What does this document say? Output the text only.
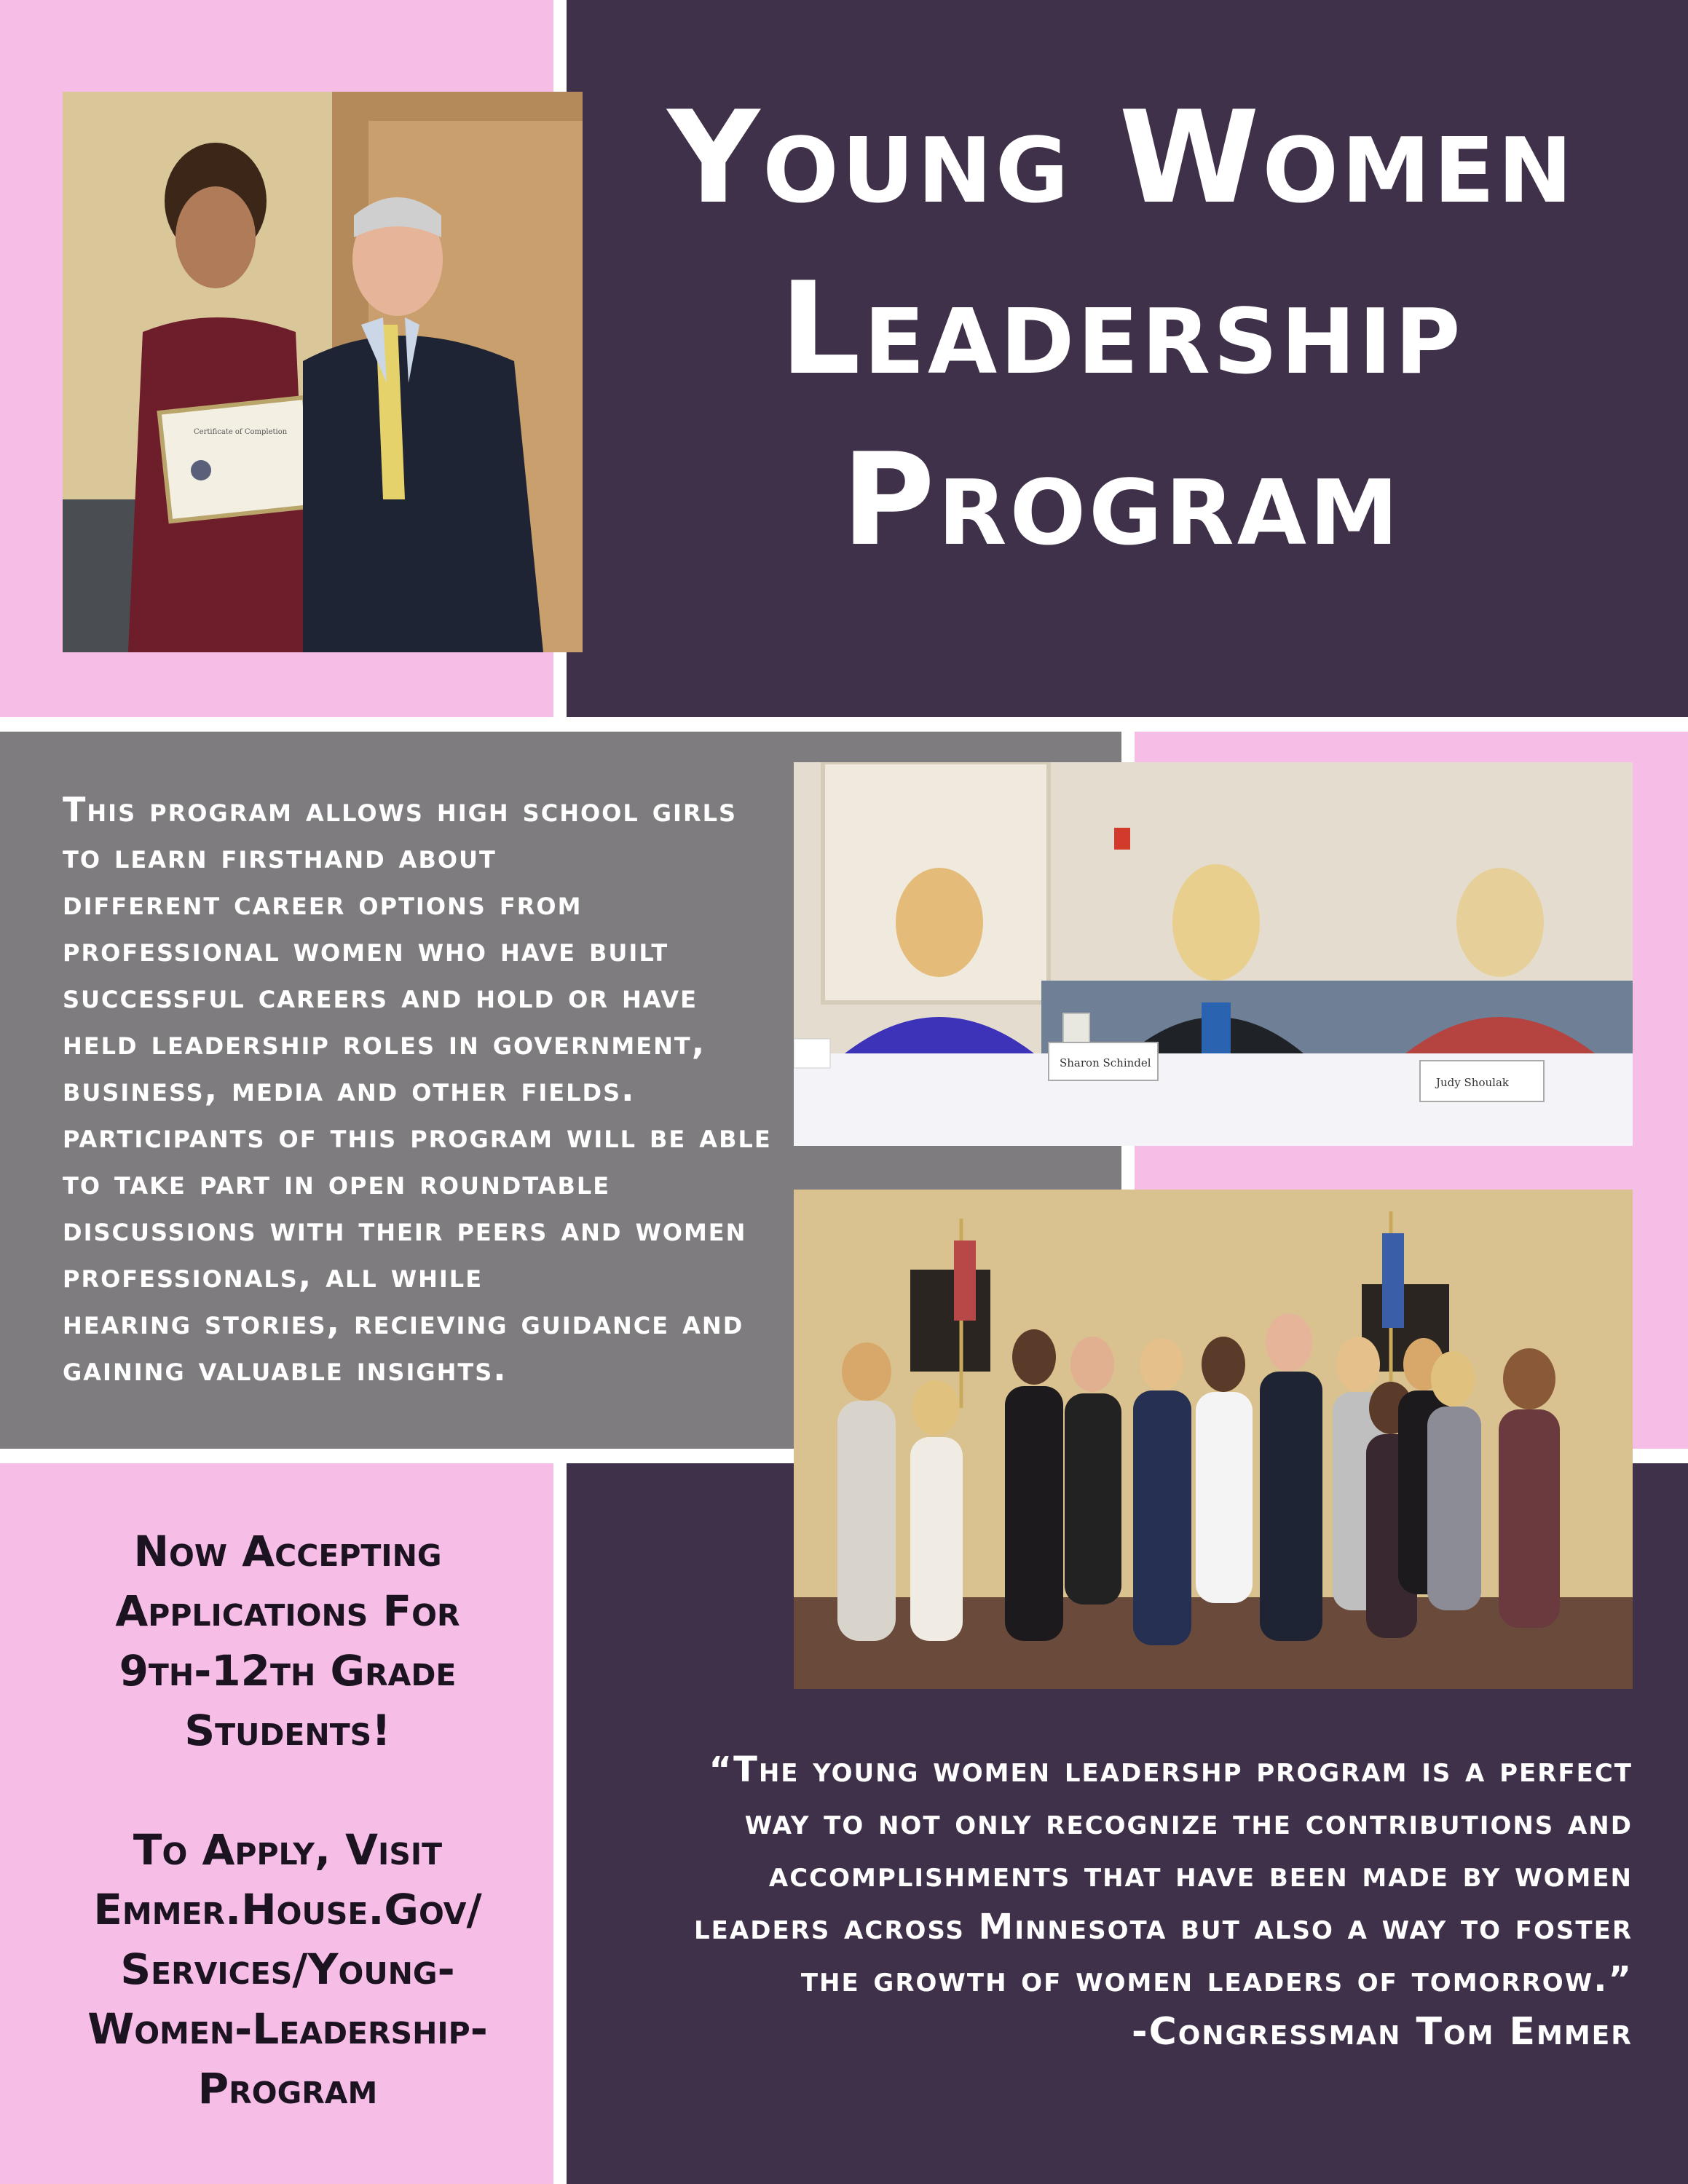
Certificate of Completion
Young Women
Leadership
Program
This program allows high school girls
to learn firsthand about
different career options from
professional women who have built
successful careers and hold or have
held leadership roles in government,
business, media and other fields.
participants of this program will be able
to take part in open roundtable
discussions with their peers and women
professionals, all while
hearing stories, recieving guidance and
gaining valuable insights.
Sharon Schindel
Judy Shoulak
Now Accepting
Applications For
9th-12th Grade
Students!
To Apply, Visit
Emmer.House.Gov/
Services/Young-
Women-Leadership-
Program
“The young women leadershp program is a perfect
way to not only recognize the contributions and
accomplishments that have been made by women
leaders across Minnesota but also a way to foster
the growth of women leaders of tomorrow.”
-Congressman Tom Emmer
